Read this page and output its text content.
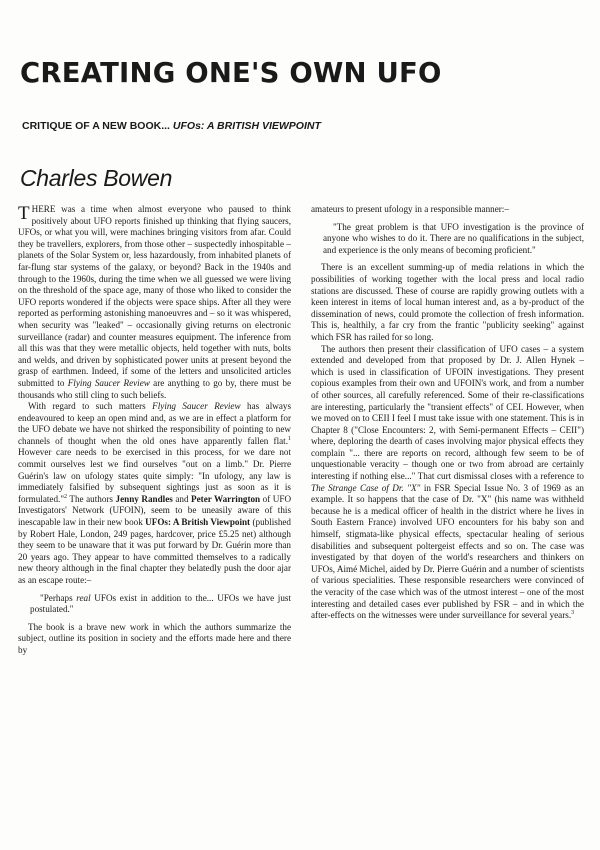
CREATING ONE'S OWN UFO

CRITIQUE OF A NEW BOOK... UFOs: A BRITISH VIEWPOINT

Charles Bowen

THERE was a time when almost everyone who paused to think positively about UFO reports finished up thinking that flying saucers, UFOs, or what you will, were machines bringing visitors from afar. Could they be travellers, explorers, from those other – suspectedly inhospitable – planets of the Solar System or, less hazardously, from inhabited planets of far-flung star systems of the galaxy, or beyond? Back in the 1940s and through to the 1960s, during the time when we all guessed we were living on the threshold of the space age, many of those who liked to consider the UFO reports wondered if the objects were space ships. After all they were reported as performing astonishing manoeuvres and – so it was whispered, when security was "leaked" – occasionally giving returns on electronic surveillance (radar) and counter measures equipment. The inference from all this was that they were metallic objects, held together with nuts, bolts and welds, and driven by sophisticated power units at present beyond the grasp of earthmen. Indeed, if some of the letters and unsolicited articles submitted to Flying Saucer Review are anything to go by, there must be thousands who still cling to such beliefs.

With regard to such matters Flying Saucer Review has always endeavoured to keep an open mind and, as we are in effect a platform for the UFO debate we have not shirked the responsibility of pointing to new channels of thought when the old ones have apparently fallen flat.$^1$ However care needs to be exercised in this process, for we dare not commit ourselves lest we find ourselves "out on a limb." Dr. Pierre Guérin's law on ufology states quite simply: "In ufology, any law is immediately falsified by subsequent sightings just as soon as it is formulated."$^2$ The authors Jenny Randles and Peter Warrington of UFO Investigators' Network (UFOIN), seem to be uneasily aware of this inescapable law in their new book UFOs: A British Viewpoint (published by Robert Hale, London, 249 pages, hardcover, price £5.25 net) although they seem to be unaware that it was put forward by Dr. Guérin more than 20 years ago. They appear to have committed themselves to a radically new theory although in the final chapter they belatedly push the door ajar as an escape route:–

"Perhaps real UFOs exist in addition to the... UFOs we have just postulated."

The book is a brave new work in which the authors summarize the subject, outline its position in society and the efforts made here and there by

amateurs to present ufology in a responsible manner:–

"The great problem is that UFO investigation is the province of anyone who wishes to do it. There are no qualifications in the subject, and experience is the only means of becoming proficient."

There is an excellent summing-up of media relations in which the possibilities of working together with the local press and local radio stations are discussed. These of course are rapidly growing outlets with a keen interest in items of local human interest and, as a by-product of the dissemination of news, could promote the collection of fresh information. This is, healthily, a far cry from the frantic "publicity seeking" against which FSR has railed for so long.

The authors then present their classification of UFO cases – a system extended and developed from that proposed by Dr. J. Allen Hynek – which is used in classification of UFOIN investigations. They present copious examples from their own and UFOIN's work, and from a number of other sources, all carefully referenced. Some of their re-classifications are interesting, particularly the "transient effects" of CEI. However, when we moved on to CEII I feel I must take issue with one statement. This is in Chapter 8 ("Close Encounters: 2, with Semi-permanent Effects – CEII") where, deploring the dearth of cases involving major physical effects they complain "... there are reports on record, although few seem to be of unquestionable veracity – though one or two from abroad are certainly interesting if nothing else..." That curt dismissal closes with a reference to The Strange Case of Dr. "X" in FSR Special Issue No. 3 of 1969 as an example. It so happens that the case of Dr. "X" (his name was withheld because he is a medical officer of health in the district where he lives in South Eastern France) involved UFO encounters for his baby son and himself, stigmata-like physical effects, spectacular healing of serious disabilities and subsequent poltergeist effects and so on. The case was investigated by that doyen of the world's researchers and thinkers on UFOs, Aimé Michel, aided by Dr. Pierre Guérin and a number of scientists of various specialities. These responsible researchers were convinced of the veracity of the case which was of the utmost interest – one of the most interesting and detailed cases ever published by FSR – and in which the after-effects on the witnesses were under surveillance for several years.$^3$
